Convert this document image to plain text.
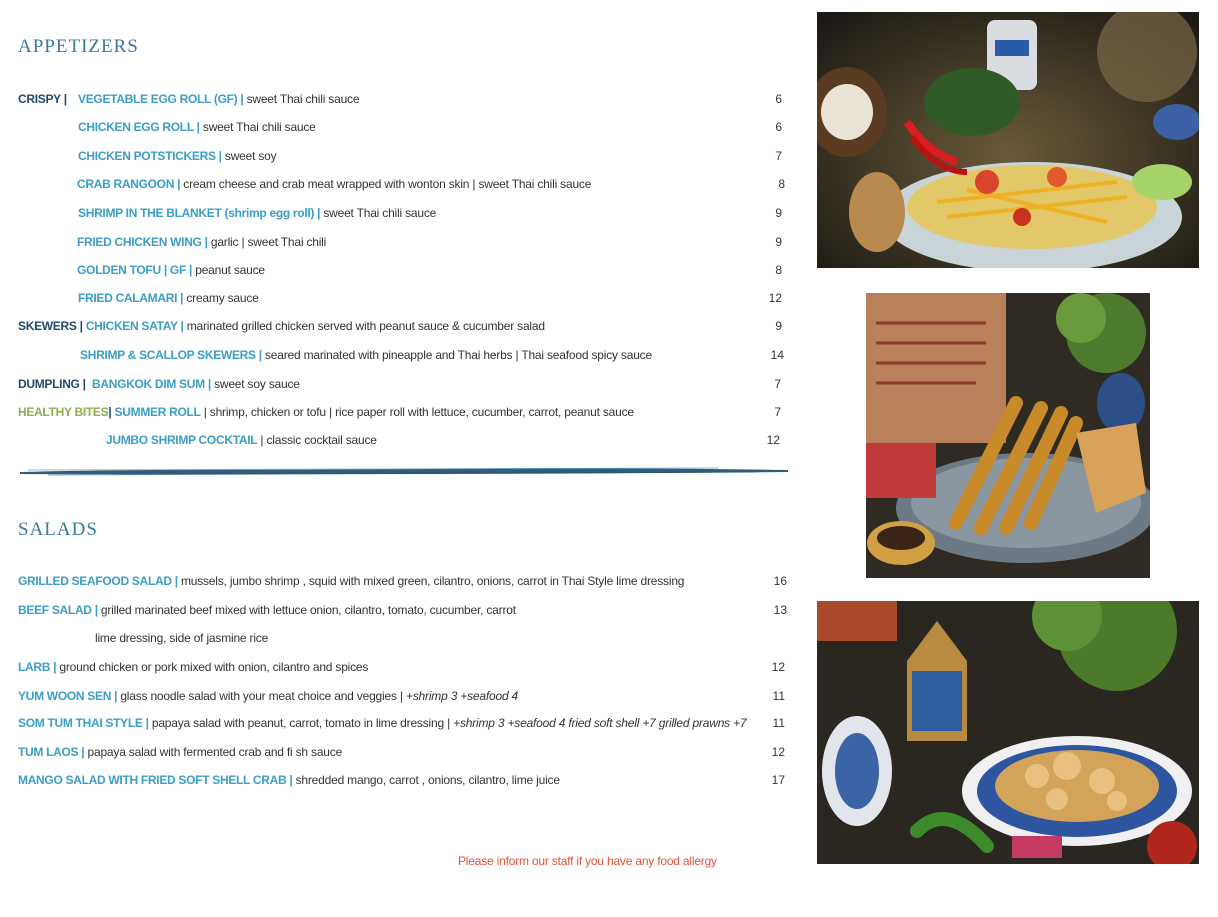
APPETIZERS
CRISPY | VEGETABLE EGG ROLL (GF) | sweet Thai chili sauce	6
CHICKEN EGG ROLL | sweet Thai chili sauce	6
CHICKEN POTSTICKERS | sweet soy	7
CRAB RANGOON | cream cheese and crab meat wrapped with wonton skin | sweet Thai chili sauce	8
SHRIMP IN THE BLANKET (shrimp egg roll) | sweet Thai chili sauce	9
FRIED CHICKEN WING | garlic | sweet Thai chili	9
GOLDEN TOFU | GF | peanut sauce	8
FRIED CALAMARI | creamy sauce	12
SKEWERS | CHICKEN SATAY | marinated grilled chicken served with peanut sauce & cucumber salad	9
SHRIMP & SCALLOP SKEWERS | seared marinated with pineapple and Thai herbs | Thai seafood spicy sauce	14
DUMPLING | BANGKOK DIM SUM | sweet soy sauce	7
HEALTHY BITES| SUMMER ROLL | shrimp, chicken or tofu | rice paper roll with lettuce, cucumber, carrot, peanut sauce	7
JUMBO SHRIMP COCKTAIL | classic cocktail sauce	12
SALADS
GRILLED SEAFOOD SALAD | mussels, jumbo shrimp , squid with mixed green, cilantro, onions, carrot in Thai Style lime dressing	16
BEEF SALAD | grilled marinated beef mixed with lettuce onion, cilantro, tomato, cucumber, carrot	13
lime dressing, side of jasmine rice
LARB | ground chicken or pork mixed with onion, cilantro and spices	12
YUM WOON SEN | glass noodle salad with your meat choice and veggies | +shrimp 3 +seafood 4	11
SOM TUM THAI STYLE | papaya salad with peanut, carrot, tomato in lime dressing | +shrimp 3 +seafood 4 fried soft shell +7 grilled prawns +7	11
TUM LAOS | papaya salad with fermented crab and fi sh sauce	12
MANGO SALAD WITH FRIED SOFT SHELL CRAB | shredded mango, carrot , onions, cilantro, lime juice	17
Please inform our staff if you have any food allergy
